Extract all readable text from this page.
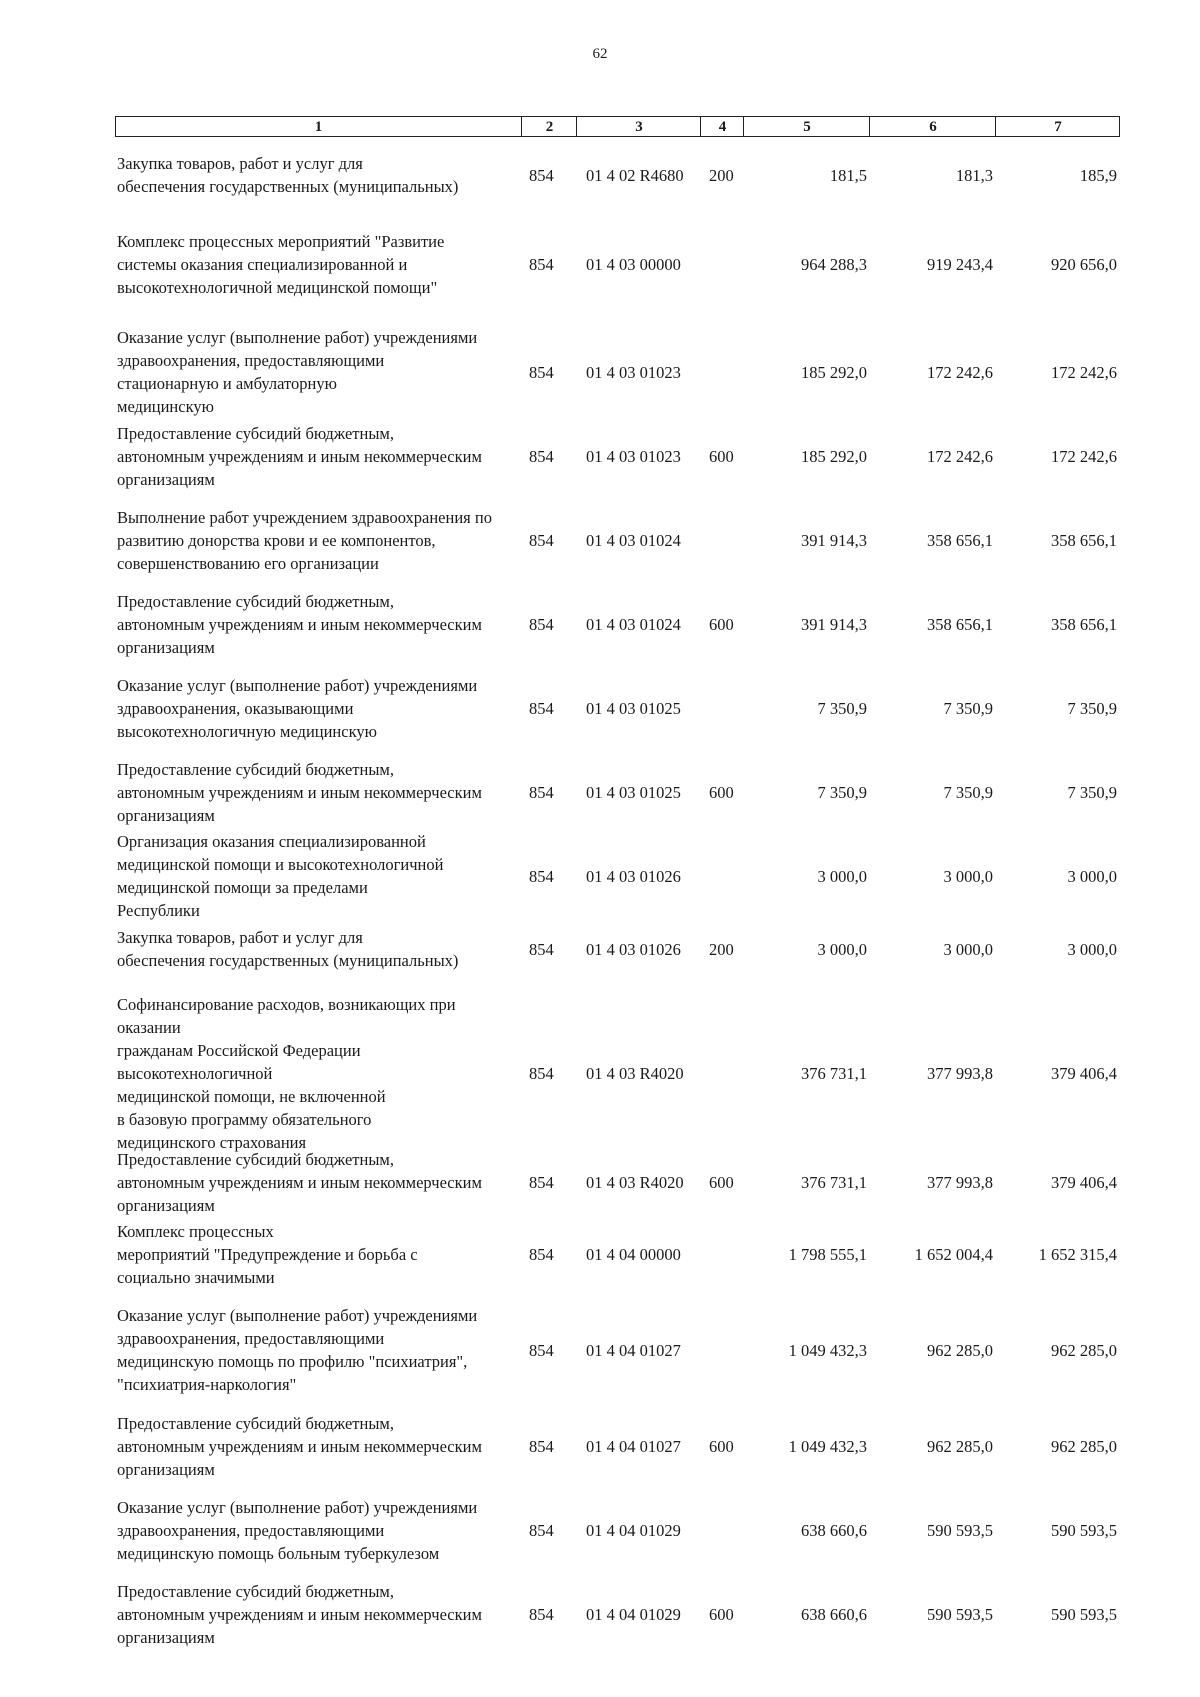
62
1	2	3	4	5	6	7
Закупка товаров, работ и услуг для
обеспечения государственных (муниципальных)
854	01 4 02 R4680	200	181,5	181,3	185,9
Комплекс процессных мероприятий "Развитие
системы оказания специализированной и
высокотехнологичной медицинской помощи"
854	01 4 03 00000	964 288,3	919 243,4	920 656,0
Оказание услуг (выполнение работ) учреждениями
здравоохранения, предоставляющими
стационарную и амбулаторную
медицинскую
854	01 4 03 01023	185 292,0	172 242,6	172 242,6
Предоставление субсидий бюджетным,
автономным учреждениям и иным некоммерческим
организациям
854	01 4 03 01023	600	185 292,0	172 242,6	172 242,6
Выполнение работ учреждением здравоохранения по
развитию донорства крови и ее компонентов,
совершенствованию его организации
854	01 4 03 01024	391 914,3	358 656,1	358 656,1
Предоставление субсидий бюджетным,
автономным учреждениям и иным некоммерческим
организациям
854	01 4 03 01024	600	391 914,3	358 656,1	358 656,1
Оказание услуг (выполнение работ) учреждениями
здравоохранения, оказывающими
высокотехнологичную медицинскую
854	01 4 03 01025	7 350,9	7 350,9	7 350,9
Предоставление субсидий бюджетным,
автономным учреждениям и иным некоммерческим
организациям
854	01 4 03 01025	600	7 350,9	7 350,9	7 350,9
Организация оказания специализированной
медицинской помощи и высокотехнологичной
медицинской помощи за пределами
Республики
854	01 4 03 01026	3 000,0	3 000,0	3 000,0
Закупка товаров, работ и услуг для
обеспечения государственных (муниципальных)
854	01 4 03 01026	200	3 000,0	3 000,0	3 000,0
Софинансирование расходов, возникающих при оказании
гражданам Российской Федерации высокотехнологичной
медицинской помощи, не включенной
в базовую программу обязательного
медицинского страхования
854	01 4 03 R4020	376 731,1	377 993,8	379 406,4
Предоставление субсидий бюджетным,
автономным учреждениям и иным некоммерческим
организациям
854	01 4 03 R4020	600	376 731,1	377 993,8	379 406,4
Комплекс процессных
мероприятий "Предупреждение и борьба с
социально значимыми
854	01 4 04 00000	1 798 555,1	1 652 004,4	1 652 315,4
Оказание услуг (выполнение работ) учреждениями
здравоохранения, предоставляющими
медицинскую помощь по профилю "психиатрия",
"психиатрия-наркология"
854	01 4 04 01027	1 049 432,3	962 285,0	962 285,0
Предоставление субсидий бюджетным,
автономным учреждениям и иным некоммерческим
организациям
854	01 4 04 01027	600	1 049 432,3	962 285,0	962 285,0
Оказание услуг (выполнение работ) учреждениями
здравоохранения, предоставляющими
медицинскую помощь больным туберкулезом
854	01 4 04 01029	638 660,6	590 593,5	590 593,5
Предоставление субсидий бюджетным,
автономным учреждениям и иным некоммерческим
организациям
854	01 4 04 01029	600	638 660,6	590 593,5	590 593,5
